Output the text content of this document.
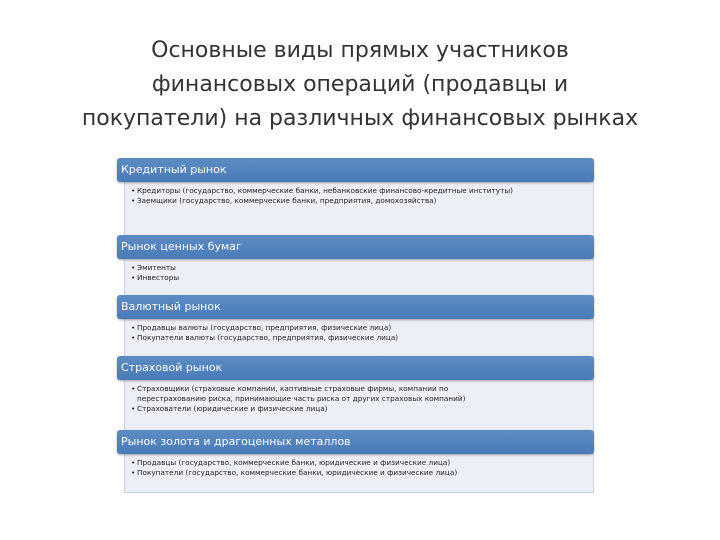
Основные виды прямых участников
финансовых операций (продавцы и
покупатели) на различных финансовых рынках
Кредитный рынок
• Кредиторы (государство, коммерческие банки, небанковские финансово-кредитные институты)
• Заемщики (государство, коммерческие банки, предприятия, домохозяйства)
Рынок ценных бумаг
• Эмитенты
• Инвесторы
Валютный рынок
• Продавцы валюты (государство, предприятия, физические лица)
• Покупатели валюты (государство, предприятия, физические лица)
Страховой рынок
• Страховщики (страховые компании, каптивные страховые фирмы, компании по перестрахованию риска, принимающие часть риска от других страховых компаний)
• Страхователи (юридические и физические лица)
Рынок золота и драгоценных металлов
• Продавцы (государство, коммерческие банки, юридические и физические лица)
• Покупатели (государство, коммерческие банки, юридические и физические лица)
